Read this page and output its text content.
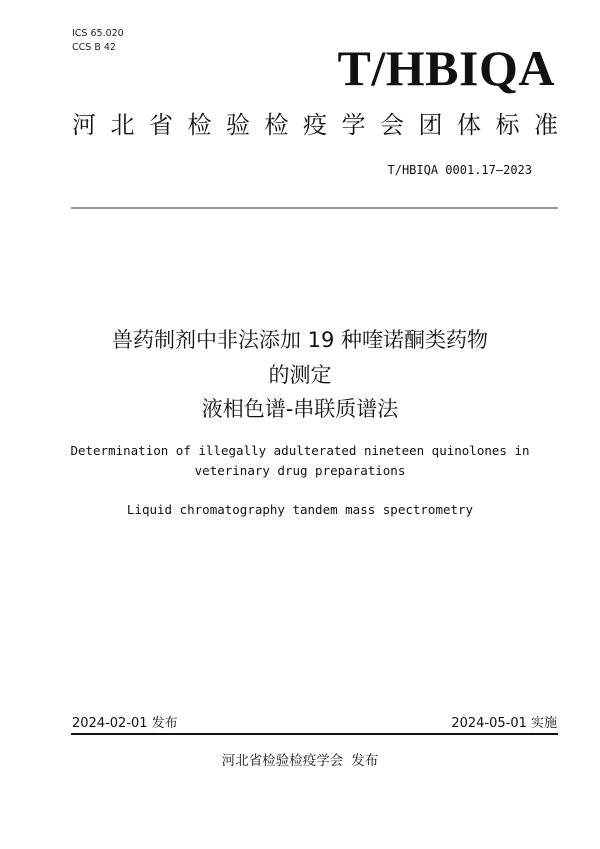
ICS 65.020
CCS B 42	T/HBIQA
河 北 省 检 验 检 疫 学 会 团 体 标 准
T/HBIQA 0001.17—2023
兽药制剂中非法添加 19 种喹诺酮类药物
的测定
液相色谱-串联质谱法
Determination of illegally adulterated nineteen quinolones in
veterinary drug preparations
Liquid chromatography tandem mass spectrometry
2024-02-01 发布	2024-05-01 实施
河北省检验检疫学会 发布
